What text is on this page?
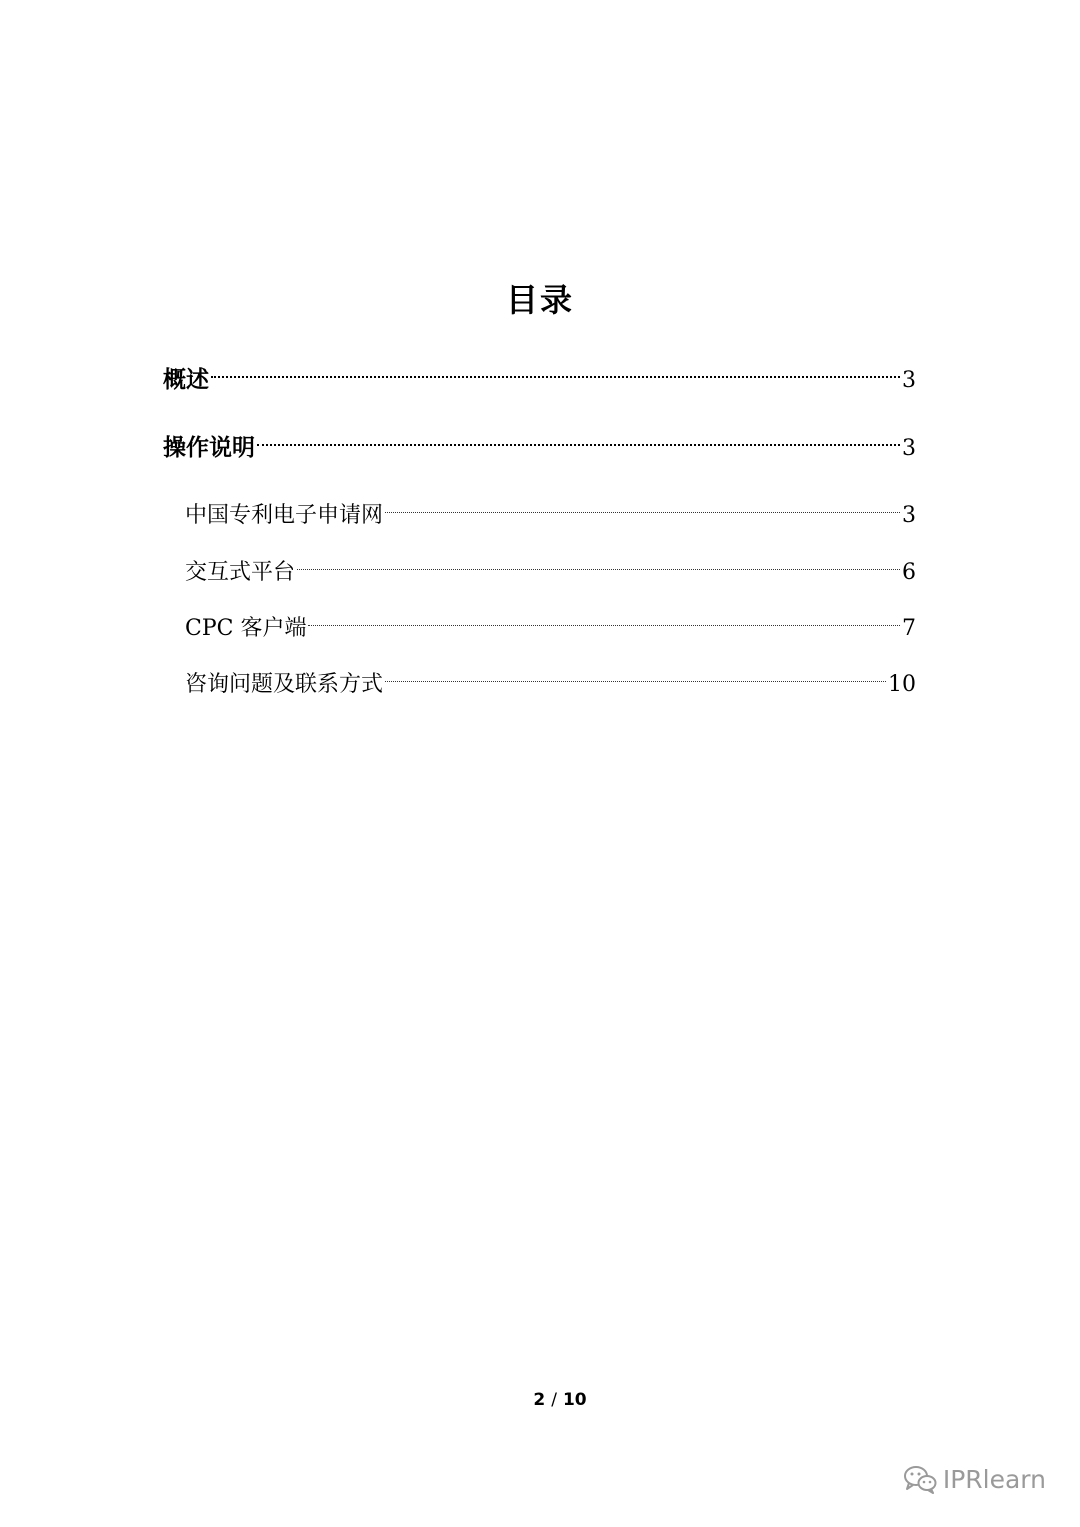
目录
概述	3
操作说明	3
中国专利电子申请网	3
交互式平台	6
CPC 客户端	7
咨询问题及联系方式	10
2 / 10
IPRlearn
